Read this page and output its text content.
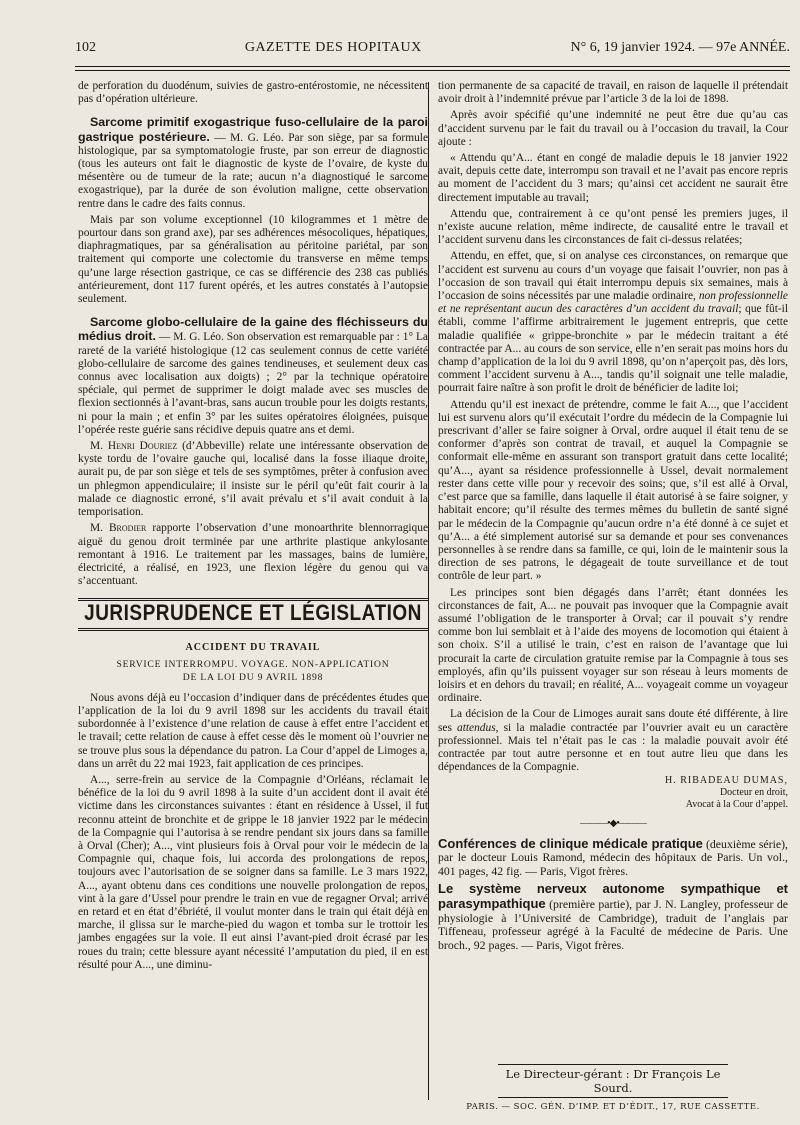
102	GAZETTE DES HOPITAUX	N° 6, 19 janvier 1924. — 97e ANNÉE.

de perforation du duodénum, suivies de gastro-entérostomie, ne nécessitent pas d’opération ultérieure.

Sarcome primitif exogastrique fuso-cellulaire de la paroi gastrique postérieure. — M. G. Léo. Par son siège, par sa formule histologique, par sa symptomatologie fruste, par son erreur de diagnostic (tous les auteurs ont fait le diagnostic de kyste de l’ovaire, de kyste du mésentère ou de tumeur de la rate; aucun n’a diagnostiqué le sarcome exogastrique), par la durée de son évolution maligne, cette observation rentre dans le cadre des faits connus.

Mais par son volume exceptionnel (10 kilogrammes et 1 mètre de pourtour dans son grand axe), par ses adhérences mésocoliques, hépatiques, diaphragmatiques, par sa généralisation au péritoine pariétal, par son traitement qui comporte une colectomie du transverse en même temps qu’une large résection gastrique, ce cas se différencie des 238 cas publiés antérieurement, dont 117 furent opérés, et les autres constatés à l’autopsie seulement.

Sarcome globo-cellulaire de la gaine des fléchisseurs du médius droit. — M. G. Léo. Son observation est remarquable par : 1° La rareté de la variété histologique (12 cas seulement connus de cette variété globo-cellulaire de sarcome des gaines tendineuses, et seulement deux cas connus avec localisation aux doigts) ; 2° par la technique opératoire spéciale, qui permet de supprimer le doigt malade avec ses muscles de flexion sectionnés à l’avant-bras, sans aucun trouble pour les doigts restants, ni pour la main ; et enfin 3° par les suites opératoires éloignées, puisque l’opérée reste guérie sans récidive depuis quatre ans et demi.

M. Henri Douriez (d’Abbeville) relate une intéressante observation de kyste tordu de l’ovaire gauche qui, localisé dans la fosse iliaque droite, aurait pu, de par son siège et tels de ses symptômes, prêter à confusion avec un phlegmon appendiculaire; il insiste sur le péril qu’eût fait courir à la malade ce diagnostic erroné, s’il avait prévalu et s’il avait conduit à la temporisation.

M. Brodier rapporte l’observation d’une monoarthrite blennorragique aiguë du genou droit terminée par une arthrite plastique ankylosante remontant à 1916. Le traitement par les massages, bains de lumière, électricité, a réalisé, en 1923, une flexion légère du genou qui va s’accentuant.

JURISPRUDENCE ET LÉGISLATION
ACCIDENT DU TRAVAIL
SERVICE INTERROMPU. VOYAGE. NON-APPLICATION
DE LA LOI DU 9 AVRIL 1898

Nous avons déjà eu l’occasion d’indiquer dans de précédentes études que l’application de la loi du 9 avril 1898 sur les accidents du travail était subordonnée à l’existence d’une relation de cause à effet entre l’accident et le travail; cette relation de cause à effet cesse dès le moment où l’ouvrier ne se trouve plus sous la dépendance du patron. La Cour d’appel de Limoges a, dans un arrêt du 22 mai 1923, fait application de ces principes.

A..., serre-frein au service de la Compagnie d’Orléans, réclamait le bénéfice de la loi du 9 avril 1898 à la suite d’un accident dont il avait été victime dans les circonstances suivantes : étant en résidence à Ussel, il fut reconnu atteint de bronchite et de grippe le 18 janvier 1922 par le médecin de la Compagnie qui l’autorisa à se rendre pendant six jours dans sa famille à Orval (Cher); A..., vint plusieurs fois à Orval pour voir le médecin de la Compagnie qui, chaque fois, lui accorda des prolongations de repos, toujours avec l’autorisation de se soigner dans sa famille. Le 3 mars 1922, A..., ayant obtenu dans ces conditions une nouvelle prolongation de repos, vint à la gare d’Ussel pour prendre le train en vue de regagner Orval; arrivé en retard et en état d’ébriété, il voulut monter dans le train qui était déjà en marche, il glissa sur le marche-pied du wagon et tomba sur le trottoir les jambes engagées sur la voie. Il eut ainsi l’avant-pied droit écrasé par les roues du train; cette blessure ayant nécessité l’amputation du pied, il en est résulté pour A..., une diminu-

tion permanente de sa capacité de travail, en raison de laquelle il prétendait avoir droit à l’indemnité prévue par l’article 3 de la loi de 1898.

Après avoir spécifié qu’une indemnité ne peut être due qu’au cas d’accident survenu par le fait du travail ou à l’occasion du travail, la Cour ajoute :

« Attendu qu’A... étant en congé de maladie depuis le 18 janvier 1922 avait, depuis cette date, interrompu son travail et ne l’avait pas encore repris au moment de l’accident du 3 mars; qu’ainsi cet accident ne saurait être directement imputable au travail;

Attendu que, contrairement à ce qu’ont pensé les premiers juges, il n’existe aucune relation, même indirecte, de causalité entre le travail et l’accident survenu dans les circonstances de fait ci-dessus relatées;

Attendu, en effet, que, si on analyse ces circonstances, on remarque que l’accident est survenu au cours d’un voyage que faisait l’ouvrier, non pas à l’occasion de son travail qui était interrompu depuis six semaines, mais à l’occasion de soins nécessités par une maladie ordinaire, non professionnelle et ne représentant aucun des caractères d’un accident du travail; que fût-il établi, comme l’affirme arbitrairement le jugement entrepris, que cette maladie qualifiée « grippe-bronchite » par le médecin traitant a été contractée par A... au cours de son service, elle n’en serait pas moins hors du champ d’application de la loi du 9 avril 1898, qu’on n’aperçoit pas, dès lors, comment l’accident survenu à A..., tandis qu’il soignait une telle maladie, pourrait faire naître à son profit le droit de bénéficier de ladite loi;

Attendu qu’il est inexact de prétendre, comme le fait A..., que l’accident lui est survenu alors qu’il exécutait l’ordre du médecin de la Compagnie lui prescrivant d’aller se faire soigner à Orval, ordre auquel il était tenu de se conformer d’après son contrat de travail, et auquel la Compagnie se conformait elle-même en assurant son transport gratuit dans cette localité; qu’A..., ayant sa résidence professionnelle à Ussel, devait normalement rester dans cette ville pour y recevoir des soins; que, s’il est allé à Orval, c’est parce que sa famille, dans laquelle il était autorisé à se faire soigner, y habitait encore; qu’il résulte des termes mêmes du bulletin de santé signé par le médecin de la Compagnie qu’aucun ordre n’a été donné à ce sujet et qu’A... a été simplement autorisé sur sa demande et pour ses convenances personnelles à se rendre dans sa famille, ce qui, loin de le maintenir sous la direction de ses patrons, le dégageait de toute surveillance et de tout contrôle de leur part. »

Les principes sont bien dégagés dans l’arrêt; étant données les circonstances de fait, A... ne pouvait pas invoquer que la Compagnie avait assumé l’obligation de le transporter à Orval; car il pouvait s’y rendre comme bon lui semblait et à l’aide des moyens de locomotion qui étaient à son choix. S’il a utilisé le train, c’est en raison de l’avantage que lui procurait la carte de circulation gratuite remise par la Compagnie à tous ses employés, afin qu’ils puissent voyager sur son réseau à leurs moments de loisirs et en dehors du travail; en réalité, A... voyageait comme un voyageur ordinaire.

La décision de la Cour de Limoges aurait sans doute été différente, à lire ses attendus, si la maladie contractée par l’ouvrier avait eu un caractère professionnel. Mais tel n’était pas le cas : la maladie pouvait avoir été contractée par tout autre personne et en tout autre lieu que dans les dépendances de la Compagnie.

H. RIBADEAU DUMAS,
Docteur en droit,
Avocat à la Cour d’appel.
———•◆•———

Conférences de clinique médicale pratique (deuxième série), par le docteur Louis Ramond, médecin des hôpitaux de Paris. Un vol., 401 pages, 42 fig. — Paris, Vigot frères.

Le système nerveux autonome sympathique et parasympathique (première partie), par J. N. Langley, professeur de physiologie à l’Université de Cambridge), traduit de l’anglais par Tiffeneau, professeur agrégé à la Faculté de médecine de Paris. Une broch., 92 pages. — Paris, Vigot frères.

Le Directeur-gérant : Dr François Le Sourd.
PARIS. — SOC. GÉN. D’IMP. ET D’ÉDIT., 17, RUE CASSETTE.
